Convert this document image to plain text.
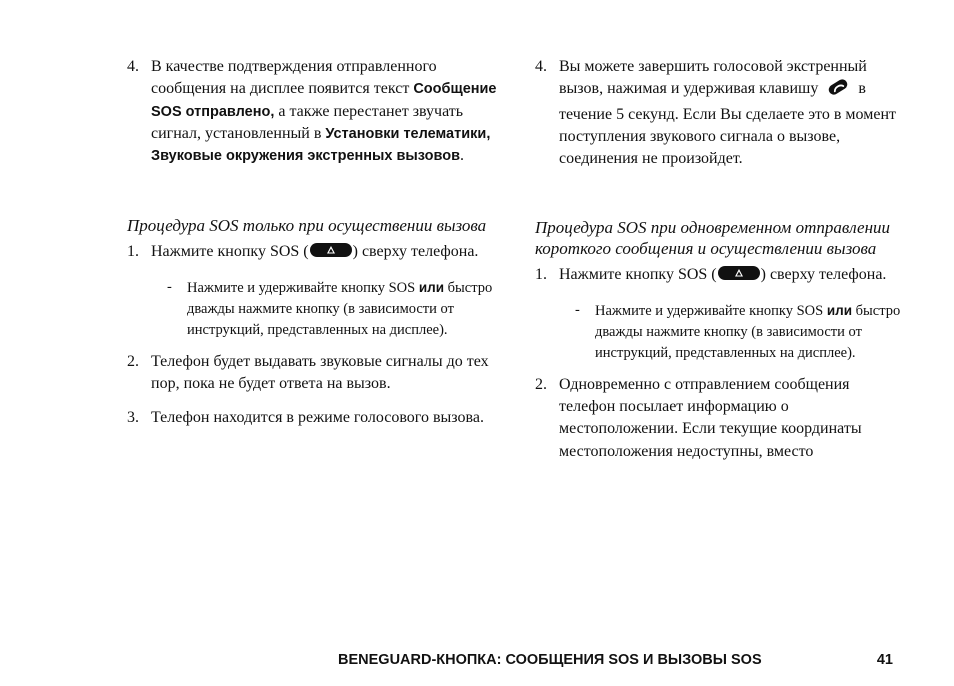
4. В качестве подтверждения отправленного сообщения на дисплее появится текст Сообщение SOS отправлено, а также перестанет звучать сигнал, установленный в Установки телематики, Звуковые окружения экстренных вызовов.

Процедура SOS только при осуществении вызова

1. Нажмите кнопку SOS (	) сверху телефона.

- Нажмите и удерживайте кнопку SOS или быстро дважды нажмите кнопку (в зависимости от инструкций, представленных на дисплее).

2. Телефон будет выдавать звуковые сигналы до тех пор, пока не будет ответа на вызов.

3. Телефон находится в режиме голосового вызова.

4. Вы можете завершить голосовой экстренный вызов, нажимая и удерживая клавишу  в течение 5 секунд. Если Вы сделаете это в момент поступления звукового сигнала о вызове, соединения не произойдет.

Процедура SOS при одновременном отправлении короткого сообщения и осуществлении вызова

1. Нажмите кнопку SOS (	) сверху телефона.

- Нажмите и удерживайте кнопку SOS или быстро дважды нажмите кнопку (в зависимости от инструкций, представленных на дисплее).

2. Одновременно с отправлением сообщения телефон посылает информацию о местоположении. Если текущие координаты местоположения недоступны, вместо

BENEGUARD-КНОПКА: СООБЩЕНИЯ SOS И ВЫЗОВЫ SOS	41
